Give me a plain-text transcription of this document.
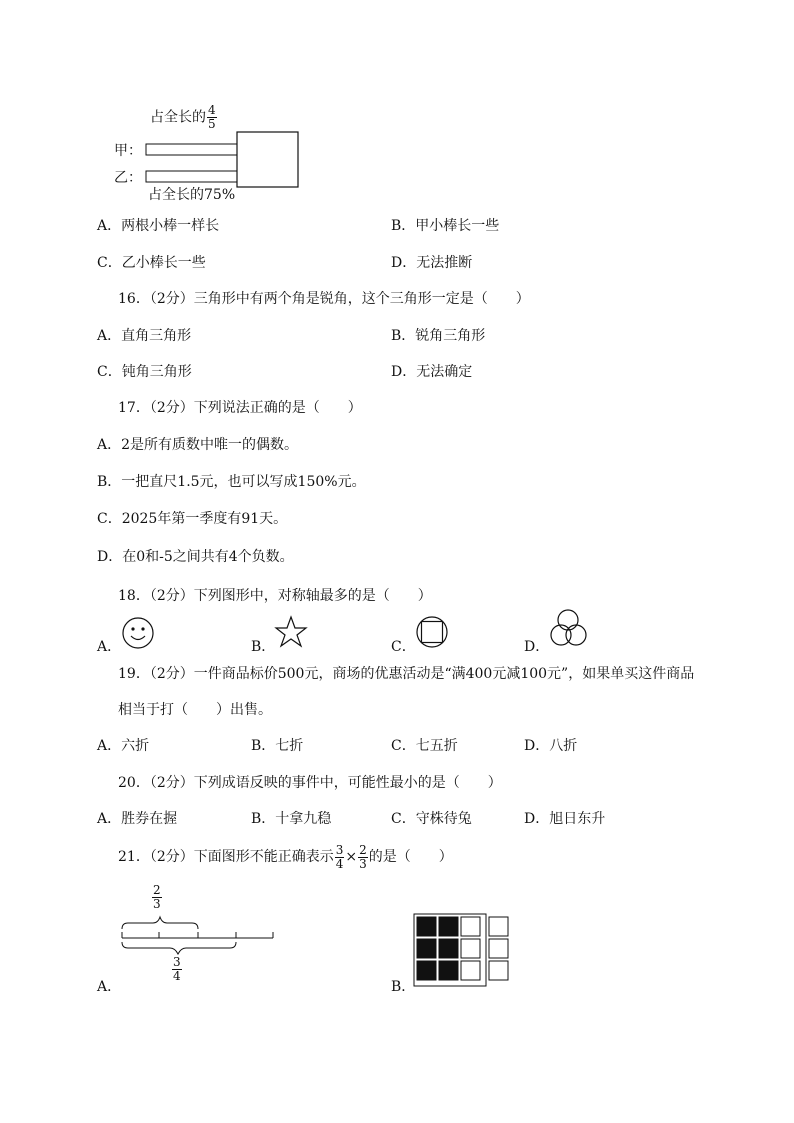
占全长的 $\frac{4}{5}$
甲：
乙：
占全长的75%
A．两根小棒一样长	B．甲小棒长一些
C．乙小棒长一些	D．无法推断
16．（2分）三角形中有两个角是锐角，这个三角形一定是（　　）
A．直角三角形	B．锐角三角形
C．钝角三角形	D．无法确定
17．（2分）下列说法正确的是（　　）
A．2是所有质数中唯一的偶数。
B．一把直尺1.5元，也可以写成150%元。
C．2025年第一季度有91天。
D．在0和-5之间共有4个负数。
18．（2分）下列图形中，对称轴最多的是（　　）
A．	B．	C．	D．
19．（2分）一件商品标价500元，商场的优惠活动是“满400元减100元”，如果单买这件商品
相当于打（　　）出售。
A．六折	B．七折	C．七五折	D．八折
20．（2分）下列成语反映的事件中，可能性最小的是（　　）
A．胜券在握	B．十拿九稳	C．守株待兔	D．旭日东升
21．（2分）下面图形不能正确表示 $\frac{3}{4} \times \frac{2}{3}$ 的是（　　）
$\frac{2}{3}$
$\frac{3}{4}$
A．	B．
